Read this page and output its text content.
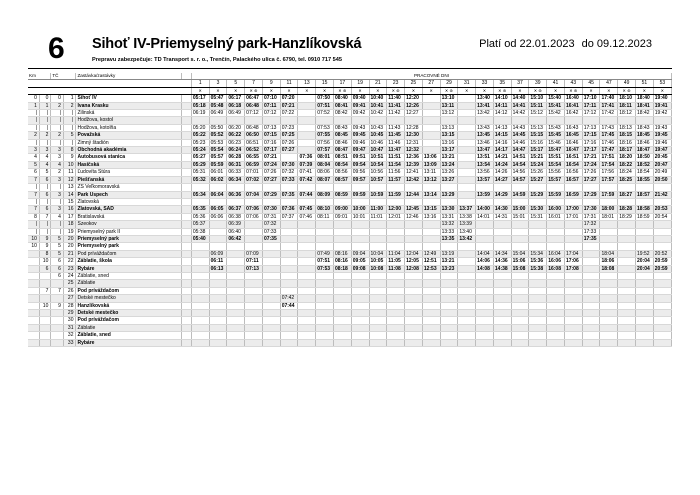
6 Sihoť IV-Priemyselný park-Hanzlíkovská	Platí od 22.01.2023 do 09.12.2023
Prepravu zabezpečuje: TD Transport s. r. o., Trenčín, Palackého ulica č. 6790, tel. 0910 717 545
Km		TČ		Zastávka/zastávky		PRACOVNÉ DNI																										
						1	3	5	7	9	11	13	15	17	19	21	23	25	27	29	31	33	35	37	39	41	43	45	47	49	51	53
						✕	✕	✕	✕ ⊛	✕	✕	✕	✕	✕ ⊛	✕	✕	✕ ⊛	✕	✕	✕ ⊛	✕	✕	✕ ⊛	✕	✕ ⊛	✕	✕ ⊛	✕	✕	✕ ⊛	✕	✕
0	0	0	1	Sihoť IV		05:17	05:47	06:17	06:47	07:10	07:20		07:50	08:40	09:40	10:40	11:40	12:20		13:10		13:40	14:10	14:40	15:10	15:40	16:40	17:10	17:40	18:10	18:40	19:40
1	1	2	2	Ivana Krasku		05:18	05:48	06:18	06:48	07:11	07:21		07:51	08:41	09:41	10:41	11:41	12:26		13:11		13:41	14:11	14:41	15:11	15:41	16:41	17:11	17:41	18:11	18:41	19:41
|	|	|	|	Žilinská		06:19	06:49	06:49	07:12	07:12	07:22		07:52	08:42	09:42	10:42	11:42	12:27		13:12		13:42	14:12	14:42	15:12	15:42	16:42	17:12	17:42	18:12	18:42	19:42
|	|	|	|	Hodžova, kostol																												
|	|	|	|	Hodžova, kotolňa		05:20	05:50	06:20	06:48	07:13	07:23		07:53	08:43	09:43	10:43	11:43	12:28		13:13		13:43	14:13	14:43	15:13	15:43	16:43	17:13	17:43	18:13	18:43	19:43
2	2	2	5	Považská		05:22	05:52	06:22	06:50	07:15	07:25		07:55	08:45	09:45	10:45	11:45	12:30		13:15		13:45	14:15	14:45	15:15	15:45	16:45	17:15	17:45	18:15	18:45	19:45
|	|	|	|	Zimný štadión		05:23	05:53	06:23	06:51	07:16	07:26		07:56	08:46	09:46	10:46	11:46	12:31		13:16		13:46	14:16	14:46	15:16	15:46	16:46	17:16	17:46	18:16	18:46	19:46
3	3	3	8	Obchodná akadémia		05:24	05:54	06:24	06:52	07:17	07:27		07:57	08:47	09:47	10:47	11:47	12:32		13:17		13:47	14:17	14:47	15:17	15:47	16:47	17:17	17:47	18:17	18:47	19:47
4	4	3	9	Autobusová stanica		05:27	05:57	06:28	06:55	07:21		07:36	08:01	08:51	09:51	10:51	11:51	12:36	13:06	13:21		13:51	14:21	14:51	15:21	15:51	16:51	17:21	17:51	18:20	18:50	20:45
5	4	4	10	Hasičská		05:29	05:59	06:31	06:59	07:24	07:30	07:39	08:04	08:54	09:54	10:54	11:54	12:39	13:09	13:24		13:54	14:24	14:54	15:24	15:54	16:54	17:24	17:54	18:22	18:52	20:47
6	5	2	11	Ľudovíta Štúra		05:31	06:01	06:33	07:01	07:26	07:32	07:41	08:06	08:56	09:56	10:56	11:56	12:41	13:11	13:26		13:56	14:26	14:56	15:26	15:56	16:56	17:26	17:56	18:24	18:54	20:49
7	6	3	12	Piešťanská		05:32	06:02	06:34	07:02	07:27	07:33	07:42	08:07	08:57	09:57	10:57	11:57	12:42	13:12	13:27		13:57	14:27	14:57	15:27	15:57	16:57	17:27	17:57	18:25	18:55	20:50
|	|	|	13	ZŠ Veľkomoravská																												
7	6	3	14	Park Úspech		05:34	06:04	06:36	07:04	07:29	07:35	07:44	08:09	08:59	09:59	10:59	11:59	12:44	13:14	13:29		13:59	14:29	14:59	15:29	15:59	16:59	17:29	17:59	18:27	18:57	21:42
|	|	|	15	Zlatovská																												
7	6	3	16	Zlatovská, SAD		05:35	06:05	06:37	07:06	07:30	07:36	07:45	08:10	09:00	10:00	11:00	12:00	12:45	13:15	13:30	13:37	14:00	14:30	15:00	15:30	16:00	17:00	17:30	18:00	18:28	18:58	20:53
8	7	4	17	Bratislavská		05:36	06:06	06:38	07:06	07:31	07:37	07:46	08:11	09:01	10:01	11:01	12:01	12:46	13:16	13:31	13:38	14:01	14:31	15:01	15:31	16:01	17:01	17:31	18:01	18:29	18:59	20:54
|	|	|	18	Szeokov		05:37		06:39		07:32										13:32	13:39							17:32				
|	|	|	19	Priemyselný park II		05:38		06:40		07:33										13:33	13:40							17:33				
10	9	5	20	Priemyselný park		05:40		06:42		07:35										13:35	13:42							17:35				
10	9	5	20	Priemyselný park																												
	8	5	21	Pod príváždačom			06:09		07:09				07:49	08:16	09:04	10:04	11:04	12:04	12:49	13:19		14:04	14:34	15:04	15:34	16:04	17:04		18:04		19:52	20:52
	10	6	22	Záblatie, škola			06:11		07:11				07:51	08:16	09:05	10:05	11:05	12:05	12:51	13:21		14:06	14:36	15:06	15:36	16:06	17:06		18:06		20:04	20:59
	6	6	23	Rybáre			06:13		07:13				07:53	08:18	09:08	10:08	11:08	12:08	12:53	13:23		14:08	14:38	15:08	15:38	16:08	17:08		18:08		20:04	20:59
		6	24	Záblatie, sned																												
			25	Záblatie																												
	7	7	26	Pod príváždačom																												
			27	Detské mestečko							07:42																					
	10	9	28	Hanzlíkovská							07:44																					
			29	Detské mestečko																												
			30	Pod príváždačom																												
			31	Záblatie																												
			32	Záblatie, sned																												
			33	Rybáre																												
